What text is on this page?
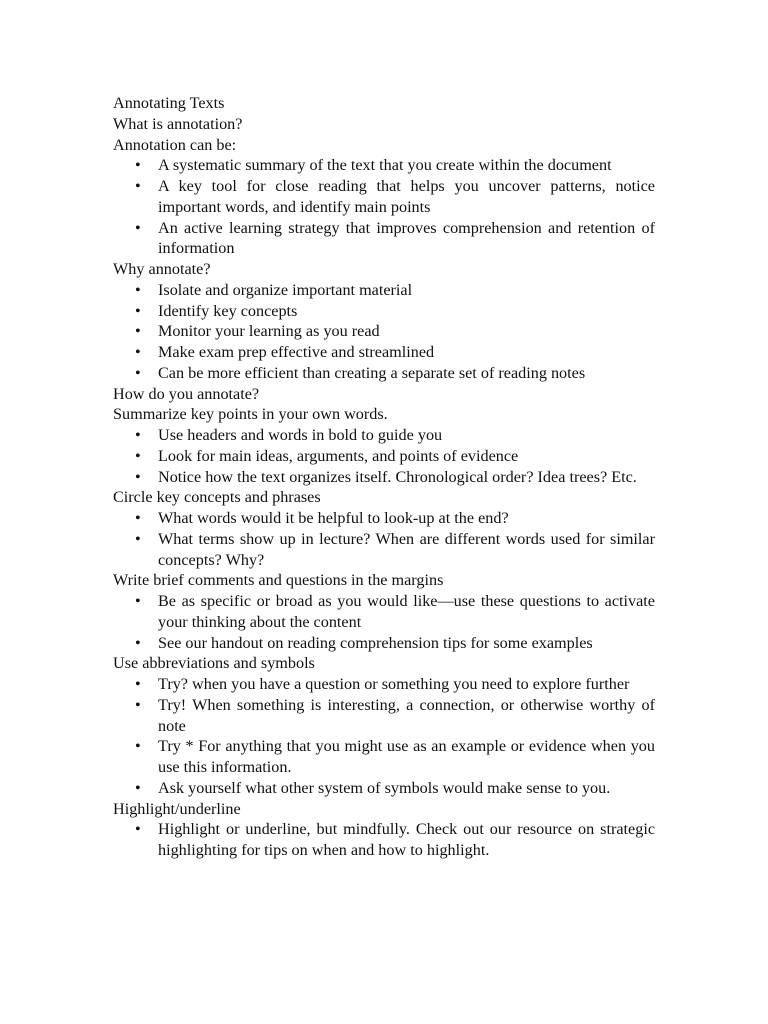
Annotating Texts

What is annotation?

Annotation can be:

• A systematic summary of the text that you create within the document
• A key tool for close reading that helps you uncover patterns, notice important words, and identify main points
• An active learning strategy that improves comprehension and retention of information

Why annotate?

• Isolate and organize important material
• Identify key concepts
• Monitor your learning as you read
• Make exam prep effective and streamlined
• Can be more efficient than creating a separate set of reading notes

How do you annotate?

Summarize key points in your own words.

• Use headers and words in bold to guide you
• Look for main ideas, arguments, and points of evidence
• Notice how the text organizes itself. Chronological order? Idea trees? Etc.

Circle key concepts and phrases

• What words would it be helpful to look-up at the end?
• What terms show up in lecture? When are different words used for similar concepts? Why?

Write brief comments and questions in the margins

• Be as specific or broad as you would like—use these questions to activate your thinking about the content
• See our handout on reading comprehension tips for some examples

Use abbreviations and symbols

• Try? when you have a question or something you need to explore further
• Try! When something is interesting, a connection, or otherwise worthy of note
• Try * For anything that you might use as an example or evidence when you use this information.
• Ask yourself what other system of symbols would make sense to you.

Highlight/underline

• Highlight or underline, but mindfully. Check out our resource on strategic highlighting for tips on when and how to highlight.
